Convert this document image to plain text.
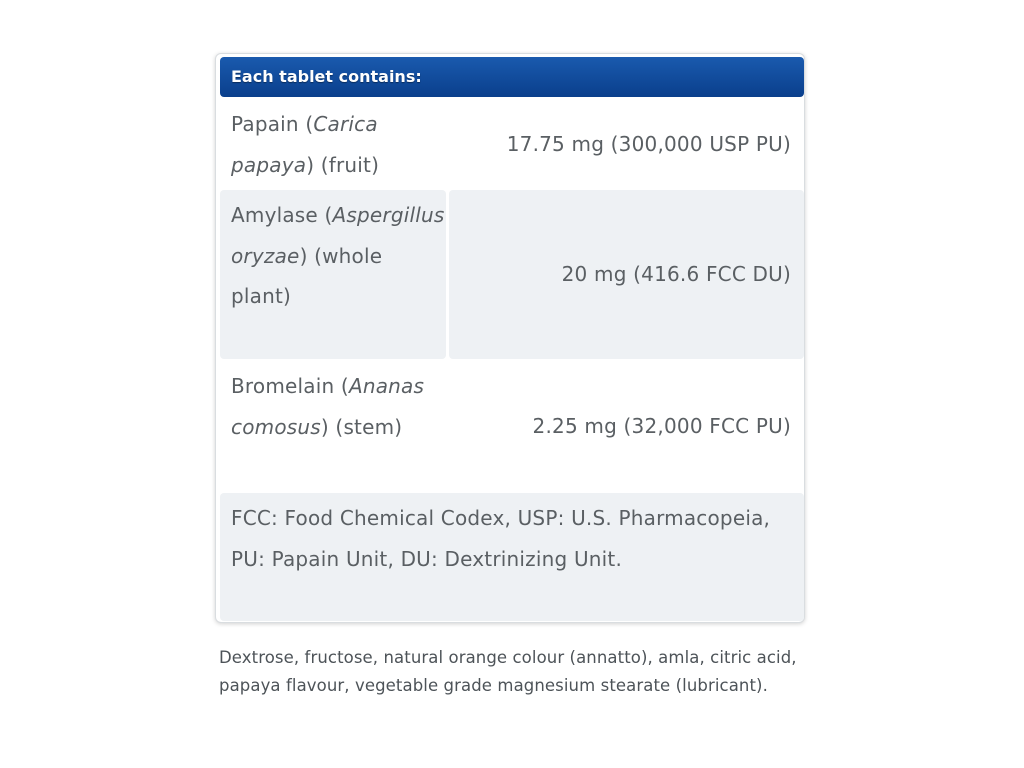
Each tablet contains:
Papain (Carica papaya) (fruit)
17.75 mg (300,000 USP PU)
Amylase (Aspergillus oryzae) (whole plant)
20 mg (416.6 FCC DU)
Bromelain (Ananas comosus) (stem)	2.25 mg (32,000 FCC PU)
FCC: Food Chemical Codex, USP: U.S. Pharmacopeia, PU: Papain Unit, DU: Dextrinizing Unit.
Dextrose, fructose, natural orange colour (annatto), amla, citric acid, papaya flavour, vegetable grade magnesium stearate (lubricant).
